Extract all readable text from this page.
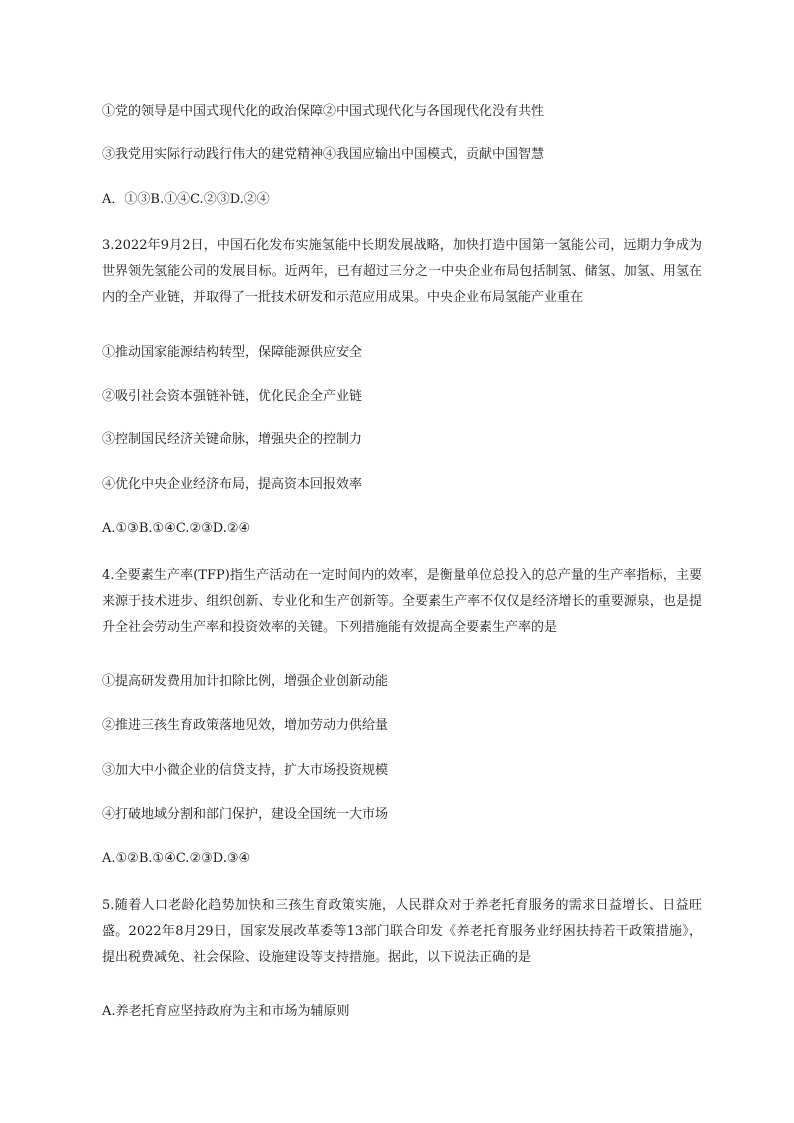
①党的领导是中国式现代化的政治保障②中国式现代化与各国现代化没有共性
③我党用实际行动践行伟大的建党精神④我国应输出中国模式，贡献中国智慧
A．①③B.①④C.②③D.②④
3.2022年9月2日，中国石化发布实施氢能中长期发展战略，加快打造中国第一氢能公司，远期力争成为世界领先氢能公司的发展目标。近两年，已有超过三分之一中央企业布局包括制氢、储氢、加氢、用氢在内的全产业链，并取得了一批技术研发和示范应用成果。中央企业布局氢能产业重在
①推动国家能源结构转型，保障能源供应安全
②吸引社会资本强链补链，优化民企全产业链
③控制国民经济关键命脉，增强央企的控制力
④优化中央企业经济布局，提高资本回报效率
A.①③B.①④C.②③D.②④
4.全要素生产率(TFP)指生产活动在一定时间内的效率，是衡量单位总投入的总产量的生产率指标，主要来源于技术进步、组织创新、专业化和生产创新等。全要素生产率不仅仅是经济增长的重要源泉，也是提升全社会劳动生产率和投资效率的关键。下列措施能有效提高全要素生产率的是
①提高研发费用加计扣除比例，增强企业创新动能
②推进三孩生育政策落地见效，增加劳动力供给量
③加大中小微企业的信贷支持，扩大市场投资规模
④打破地域分割和部门保护，建设全国统一大市场
A.①②B.①④C.②③D.③④
5.随着人口老龄化趋势加快和三孩生育政策实施，人民群众对于养老托育服务的需求日益增长、日益旺盛。2022年8月29日，国家发展改革委等13部门联合印发《养老托育服务业纾困扶持若干政策措施》，提出税费减免、社会保险、设施建设等支持措施。据此，以下说法正确的是
A.养老托育应坚持政府为主和市场为辅原则
